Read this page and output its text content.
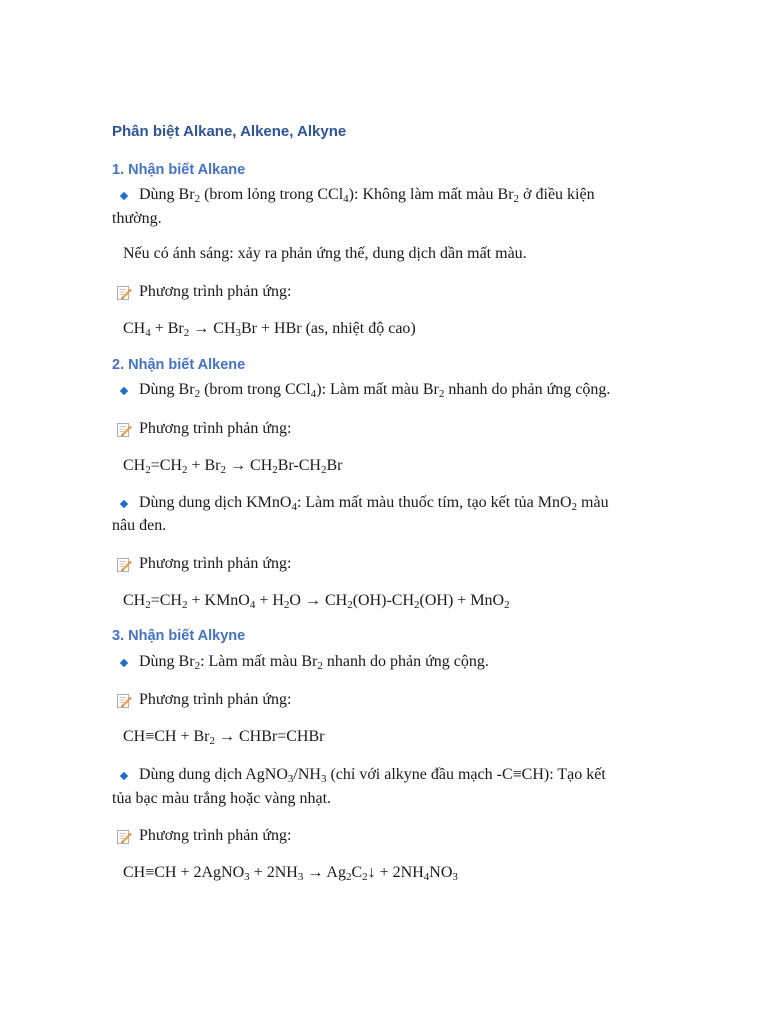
Phân biệt Alkane, Alkene, Alkyne
1. Nhận biết Alkane
Dùng $Br_2$ (brom lỏng trong CCl$_4$): Không làm mất màu $Br_2$ ở điều kiện
thường.
Nếu có ánh sáng: xảy ra phản ứng thế, dung dịch dần mất màu.
Phương trình phản ứng:
$CH_4 + Br_2 \to CH_3Br$ + HBr (as, nhiệt độ cao)
2. Nhận biết Alkene
Dùng $Br_2$ (brom trong CCl$_4$): Làm mất màu $Br_2$ nhanh do phản ứng cộng.
Phương trình phản ứng:
$CH_2=CH_2 + Br_2 \to CH_2Br-CH_2Br$
Dùng dung dịch KMnO$_4$: Làm mất màu thuốc tím, tạo kết tủa MnO$_2$ màu
nâu đen.
Phương trình phản ứng:
$CH_2=CH_2$ + KMnO$_4$ + $H_2O \to CH_2(OH)-CH_2(OH) + MnO_2$
3. Nhận biết Alkyne
Dùng $Br_2$: Làm mất màu $Br_2$ nhanh do phản ứng cộng.
Phương trình phản ứng:
$CH\equiv CH + Br_2$ → CHBr=CHBr
Dùng dung dịch $AgNO_3/NH_3$ (chỉ với alkyne đầu mạch -C≡CH): Tạo kết
tủa bạc màu trắng hoặc vàng nhạt.
Phương trình phản ứng:
CH≡CH + 2AgNO$_3$ + $2NH_3$ → $Ag_2C_2↓ + 2NH_4NO_3$
